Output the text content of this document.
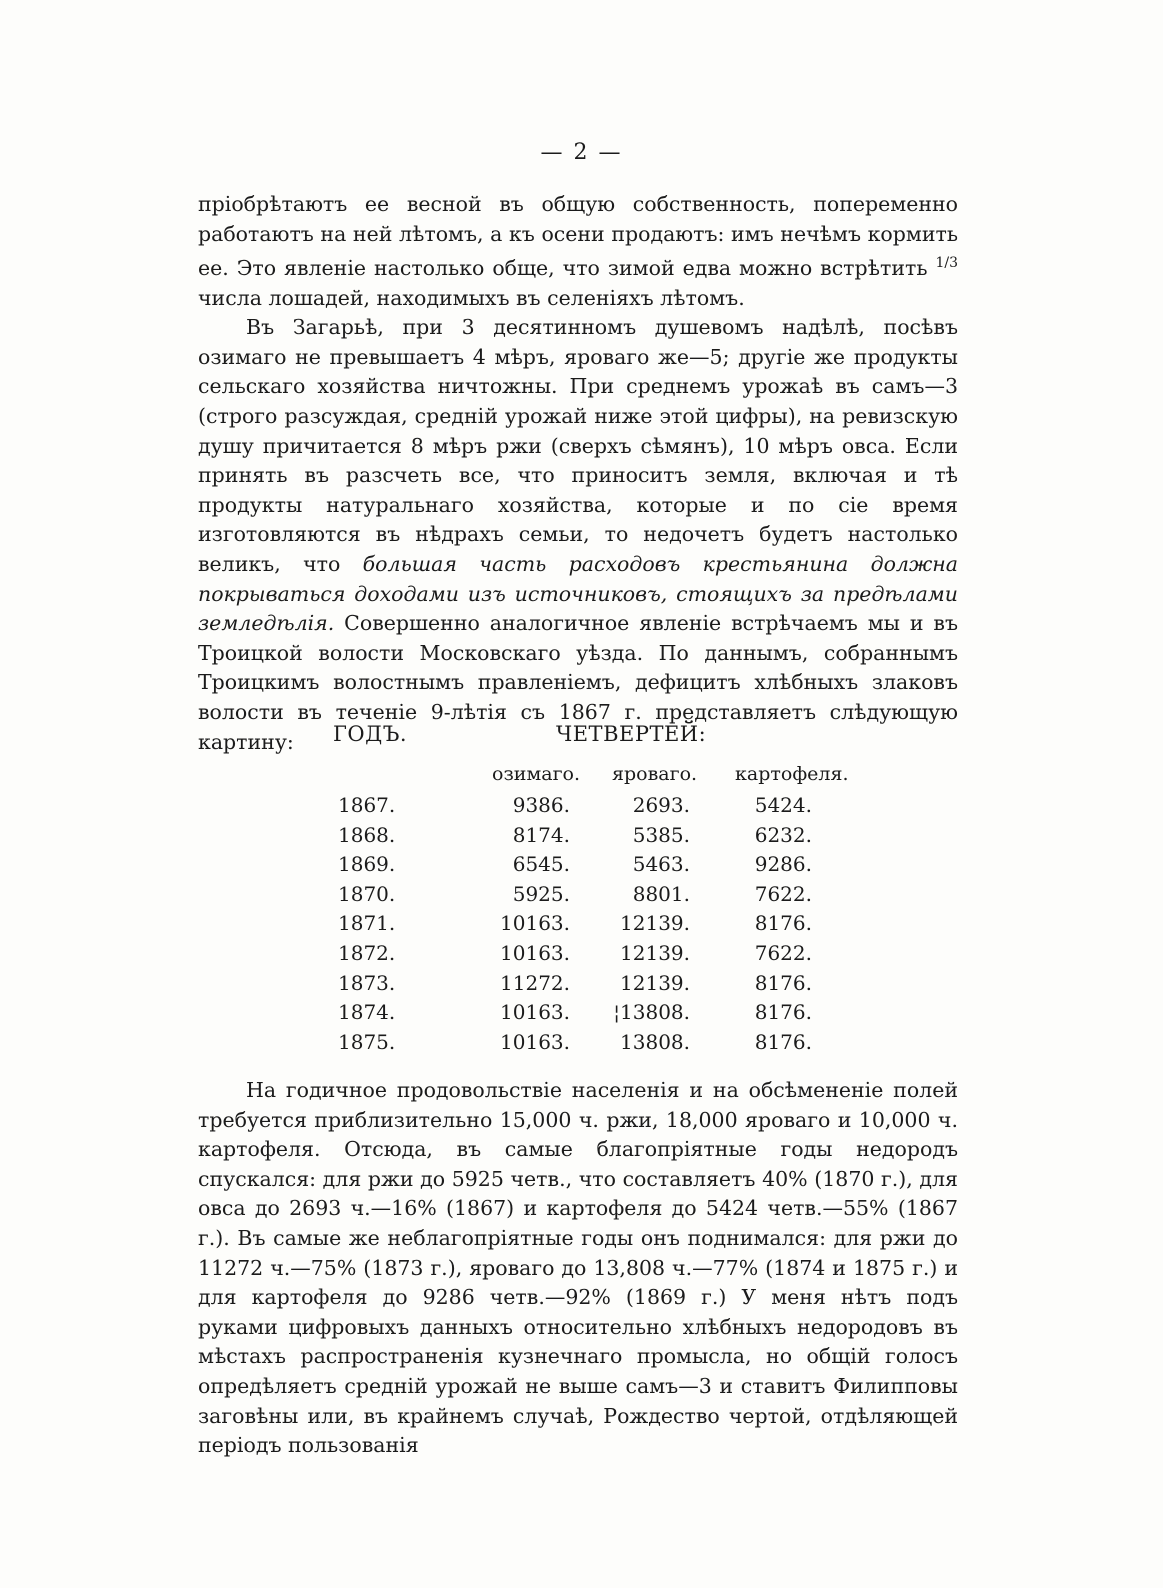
— 2 —

пріобрѣтаютъ ее весной въ общую собственность, попеременно работаютъ на ней лѣтомъ, а къ осени продаютъ: имъ нечѣмъ кормить ее. Это явленіе настолько обще, что зимой едва можно встрѣтить $^{1/3}$ числа лошадей, находимыхъ въ селеніяхъ лѣтомъ.

Въ Загарьѣ, при 3 десятинномъ душевомъ надѣлѣ, посѣвъ озимаго не превышаетъ 4 мѣръ, яроваго же—5; другіе же продукты сельскаго хозяйства ничтожны. При среднемъ урожаѣ въ самъ—3 (строго разсуждая, средній урожай ниже этой цифры), на ревизскую душу причитается 8 мѣръ ржи (сверхъ сѣмянъ), 10 мѣръ овса. Если принять въ разсчеть все, что приноситъ земля, включая и тѣ продукты натуральнаго хозяйства, которые и по сіе время изготовляются въ нѣдрахъ семьи, то недочетъ будетъ настолько великъ, что большая часть расходовъ крестьянина должна покрываться доходами изъ источниковъ, стоящихъ за предѣлами земледѣлія. Совершенно аналогичное явленіе встрѣчаемъ мы и въ Троицкой волости Московскаго уѣзда. По даннымъ, собраннымъ Троицкимъ волостнымъ правленіемъ, дефицитъ хлѣбныхъ злаковъ волости въ теченіе 9-лѣтія съ 1867 г. представляетъ слѣдующую картину:	ГОДЪ.	ЧЕТВЕРТЕЙ:
озимаго. яроваго. картофеля.
1867.	9386.	2693.	5424.
1868.	8174.	5385.	6232.
1869.	6545.	5463.	9286.
1870.	5925.	8801.	7622.
1871.	10163.	12139.	8176.
1872.	10163.	12139.	7622.
1873.	11272.	12139.	8176.
1874.	10163.	¦13808.	8176.
1875.	10163.	13808.	8176.
На годичное продовольствіе населенія и на обсѣмененіе полей требуется приблизительно 15,000 ч. ржи, 18,000 яроваго и 10,000 ч. картофеля. Отсюда, въ самые благопріятные годы недородъ спускался: для ржи до 5925 четв., что составляетъ 40% (1870 г.), для овса до 2693 ч.—16% (1867) и картофеля до 5424 четв.—55% (1867 г.). Въ самые же неблагопріятные годы онъ поднимался: для ржи до 11272 ч.—75% (1873 г.), яроваго до 13,808 ч.—77% (1874 и 1875 г.) и для картофеля до 9286 четв.—92% (1869 г.) У меня нѣтъ подъ руками цифровыхъ данныхъ относительно хлѣбныхъ недородовъ въ мѣстахъ распространенія кузнечнаго промысла, но общій голосъ опредѣляетъ средній урожай не выше самъ—3 и ставитъ Филипповы заговѣны или, въ крайнемъ случаѣ, Рождество чертой, отдѣляющей періодъ пользованія
